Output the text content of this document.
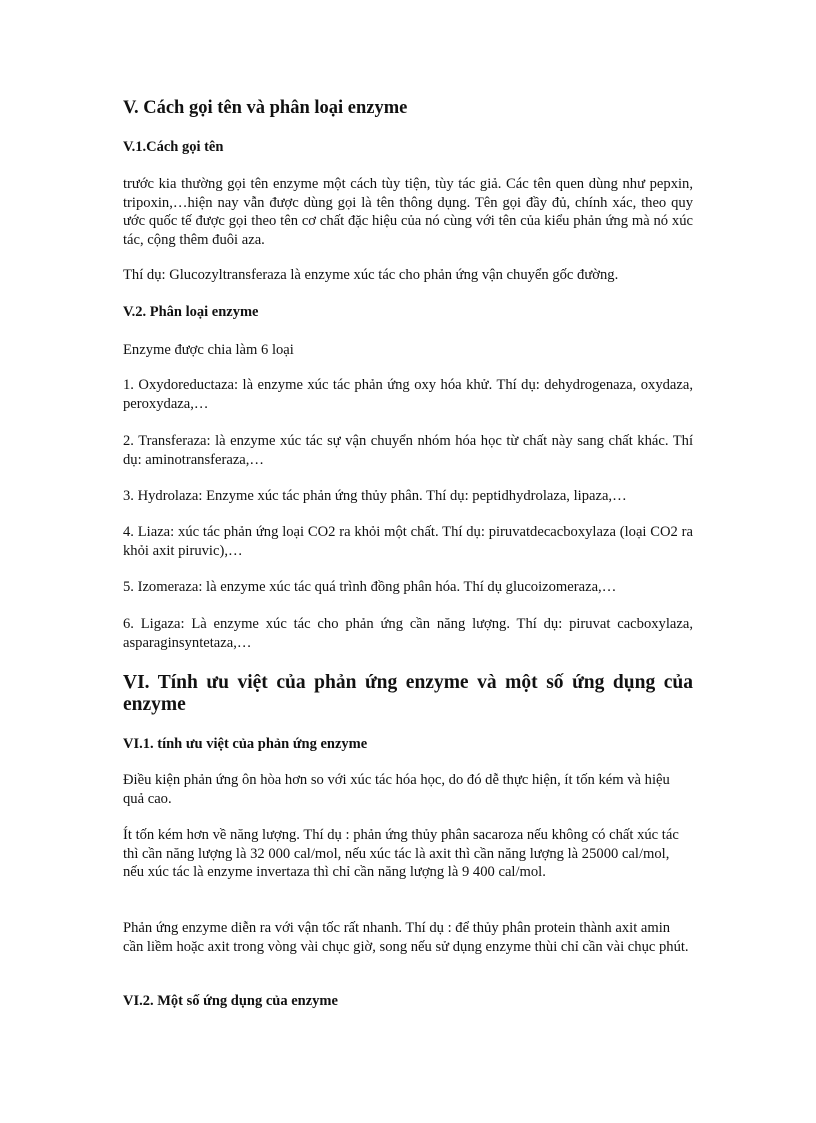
V. Cách gọi tên và phân loại enzyme

V.1.Cách gọi tên

trước kia thường gọi tên enzyme một cách tùy tiện, tùy tác giả. Các tên quen dùng như pepxin, tripoxin,…hiện nay vẫn được dùng gọi là tên thông dụng. Tên gọi đầy đủ, chính xác, theo quy ước quốc tế được gọi theo tên cơ chất đặc hiệu của nó cùng với tên của kiểu phản ứng mà nó xúc tác, cộng thêm đuôi aza.

Thí dụ: Glucozyltransferaza là enzyme xúc tác cho phản ứng vận chuyển gốc đường.

V.2. Phân loại enzyme

Enzyme được chia làm 6 loại

1. Oxydoreductaza: là enzyme xúc tác phản ứng oxy hóa khử. Thí dụ: dehydrogenaza, oxydaza, peroxydaza,…

2. Transferaza: là enzyme xúc tác sự vận chuyển nhóm hóa học từ chất này sang chất khác. Thí dụ: aminotransferaza,…

3. Hydrolaza: Enzyme xúc tác phản ứng thủy phân. Thí dụ: peptidhydrolaza, lipaza,…

4. Liaza: xúc tác phản ứng loại CO2 ra khỏi một chất. Thí dụ: piruvatdecacboxylaza (loại CO2 ra khỏi axit piruvic),…

5. Izomeraza: là enzyme xúc tác quá trình đồng phân hóa. Thí dụ glucoizomeraza,…

6. Ligaza: Là enzyme xúc tác cho phản ứng cần năng lượng. Thí dụ: piruvat cacboxylaza, asparaginsyntetaza,…

VI. Tính ưu việt của phản ứng enzyme và một số ứng dụng của enzyme

VI.1. tính ưu việt của phản ứng enzyme

Điều kiện phản ứng ôn hòa hơn so với xúc tác hóa học, do đó dễ thực hiện, ít tốn kém và hiệu quả cao.

Ít tốn kém hơn về năng lượng. Thí dụ : phản ứng thủy phân sacaroza nếu không có chất xúc tác thì cần năng lượng là 32 000 cal/mol, nếu xúc tác là axit thì cần năng lượng là 25000 cal/mol, nếu xúc tác là enzyme invertaza thì chỉ cần năng lượng là 9 400 cal/mol.

Phản ứng enzyme diễn ra với vận tốc rất nhanh. Thí dụ : để thủy phân protein thành axit amin cần liềm hoặc axit trong vòng vài chục giờ, song nếu sử dụng enzyme thùi chỉ cần vài chục phút.

VI.2. Một số ứng dụng của enzyme
